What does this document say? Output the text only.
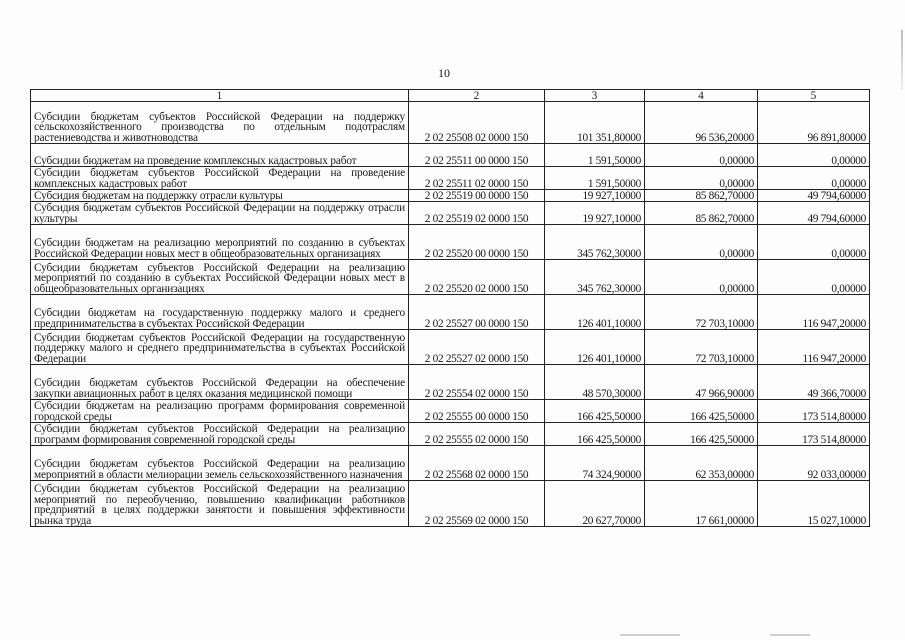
10
1	2	3	4	5
Субсидии бюджетам субъектов Российской Федерации на поддержку сельскохозяйственного производства по отдельным подотраслям растениеводства и животноводства	2 02 25508 02 0000 150	101 351,80000	96 536,20000	96 891,80000
Субсидии бюджетам на проведение комплексных кадастровых работ	2 02 25511 00 0000 150	1 591,50000	0,00000	0,00000
Субсидии бюджетам субъектов Российской Федерации на проведение комплексных кадастровых работ	2 02 25511 02 0000 150	1 591,50000	0,00000	0,00000
Субсидия бюджетам на поддержку отрасли культуры	2 02 25519 00 0000 150	19 927,10000	85 862,70000	49 794,60000
Субсидия бюджетам субъектов Российской Федерации на поддержку отрасли культуры	2 02 25519 02 0000 150	19 927,10000	85 862,70000	49 794,60000
Субсидии бюджетам на реализацию мероприятий по созданию в субъектах Российской Федерации новых мест в общеобразовательных организациях	2 02 25520 00 0000 150	345 762,30000	0,00000	0,00000
Субсидии бюджетам субъектов Российской Федерации на реализацию мероприятий по созданию в субъектах Российской Федерации новых мест в общеобразовательных организациях	2 02 25520 02 0000 150	345 762,30000	0,00000	0,00000
Субсидии бюджетам на государственную поддержку малого и среднего предпринимательства в субъектах Российской Федерации	2 02 25527 00 0000 150	126 401,10000	72 703,10000	116 947,20000
Субсидии бюджетам субъектов Российской Федерации на государственную поддержку малого и среднего предпринимательства в субъектах Российской Федерации	2 02 25527 02 0000 150	126 401,10000	72 703,10000	116 947,20000
Субсидии бюджетам субъектов Российской Федерации на обеспечение закупки авиационных работ в целях оказания медицинской помощи	2 02 25554 02 0000 150	48 570,30000	47 966,90000	49 366,70000
Субсидии бюджетам на реализацию программ формирования современной городской среды	2 02 25555 00 0000 150	166 425,50000	166 425,50000	173 514,80000
Субсидии бюджетам субъектов Российской Федерации на реализацию программ формирования современной городской среды	2 02 25555 02 0000 150	166 425,50000	166 425,50000	173 514,80000
Субсидии бюджетам субъектов Российской Федерации на реализацию мероприятий в области мелиорации земель сельскохозяйственного назначения	2 02 25568 02 0000 150	74 324,90000	62 353,00000	92 033,00000
Субсидии бюджетам субъектов Российской Федерации на реализацию мероприятий по переобучению, повышению квалификации работников предприятий в целях поддержки занятости и повышения эффективности рынка труда	2 02 25569 02 0000 150	20 627,70000	17 661,00000	15 027,10000
